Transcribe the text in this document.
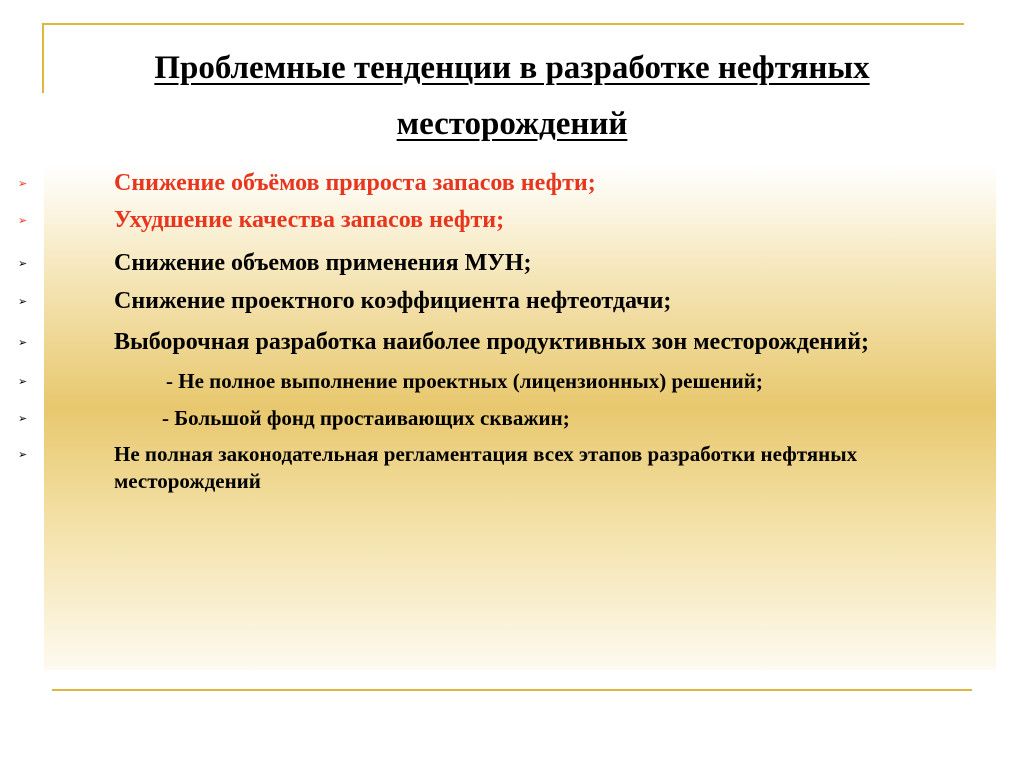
Проблемные тенденции в разработке нефтяных
месторождений
➢	Снижение объёмов прироста запасов нефти;
➢	Ухудшение качества запасов нефти;
➢	Снижение объемов применения МУН;
➢	Снижение проектного коэффициента нефтеотдачи;
➢	Выборочная разработка наиболее продуктивных зон месторождений;
➢	- Не полное выполнение проектных (лицензионных) решений;
➢	- Большой фонд простаивающих скважин;
➢	Не полная законодательная регламентация всех этапов разработки нефтяных месторождений
